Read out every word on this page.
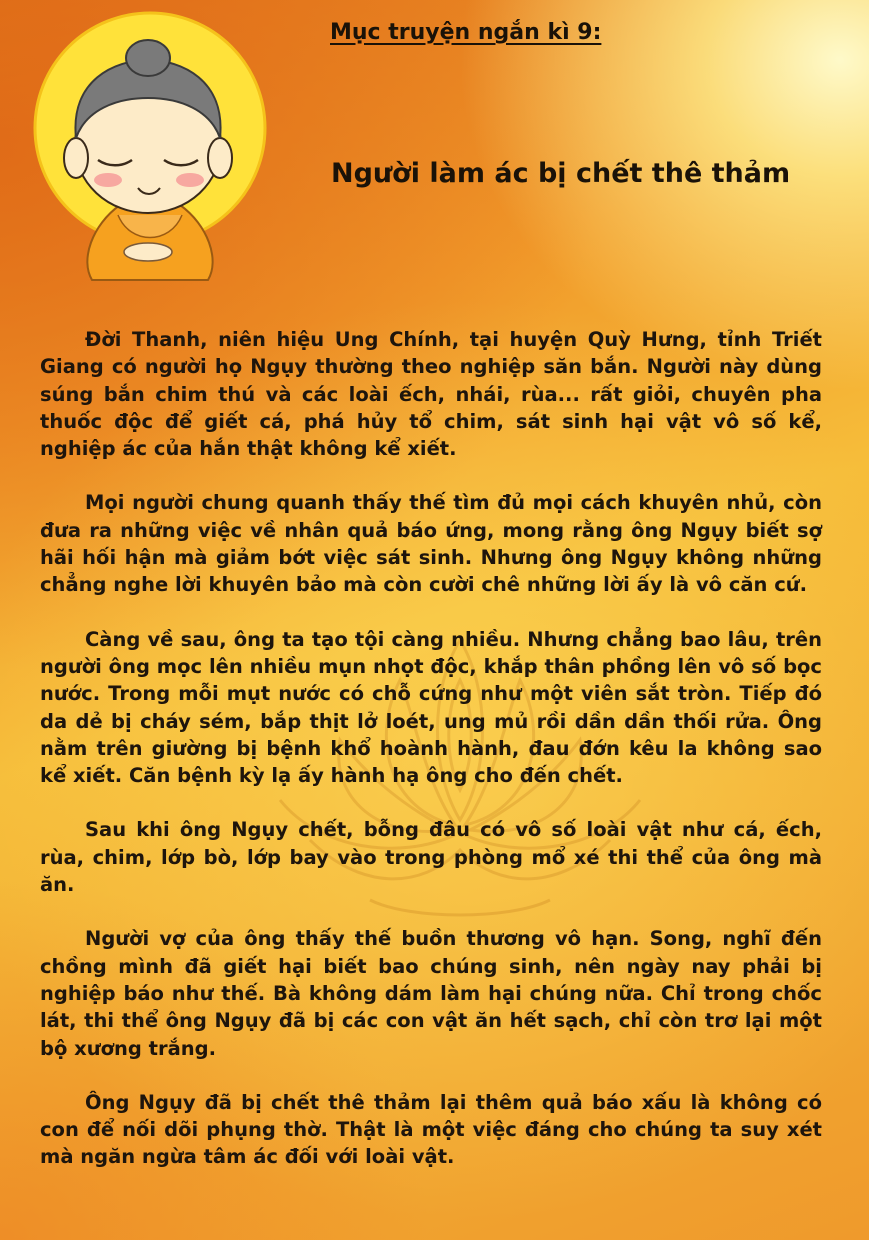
Mục truyện ngắn kì 9:
Người làm ác bị chết thê thảm

Đời Thanh, niên hiệu Ung Chính, tại huyện Quỳ Hưng, tỉnh Triết Giang có người họ Ngụy thường theo nghiệp săn bắn. Người này dùng súng bắn chim thú và các loài ếch, nhái, rùa... rất giỏi, chuyên pha thuốc độc để giết cá, phá hủy tổ chim, sát sinh hại vật vô số kể, nghiệp ác của hắn thật không kể xiết.

Mọi người chung quanh thấy thế tìm đủ mọi cách khuyên nhủ, còn đưa ra những việc về nhân quả báo ứng, mong rằng ông Ngụy biết sợ hãi hối hận mà giảm bớt việc sát sinh. Nhưng ông Ngụy không những chẳng nghe lời khuyên bảo mà còn cười chê những lời ấy là vô căn cứ.

Càng về sau, ông ta tạo tội càng nhiều. Nhưng chẳng bao lâu, trên người ông mọc lên nhiều mụn nhọt độc, khắp thân phồng lên vô số bọc nước. Trong mỗi mụt nước có chỗ cứng như một viên sắt tròn. Tiếp đó da dẻ bị cháy sém, bắp thịt lở loét, ung mủ rồi dần dần thối rửa. Ông nằm trên giường bị bệnh khổ hoành hành, đau đớn kêu la không sao kể xiết. Căn bệnh kỳ lạ ấy hành hạ ông cho đến chết.

Sau khi ông Ngụy chết, bỗng đâu có vô số loài vật như cá, ếch, rùa, chim, lớp bò, lớp bay vào trong phòng mổ xé thi thể của ông mà ăn.

Người vợ của ông thấy thế buồn thương vô hạn. Song, nghĩ đến chồng mình đã giết hại biết bao chúng sinh, nên ngày nay phải bị nghiệp báo như thế. Bà không dám làm hại chúng nữa. Chỉ trong chốc lát, thi thể ông Ngụy đã bị các con vật ăn hết sạch, chỉ còn trơ lại một bộ xương trắng.

Ông Ngụy đã bị chết thê thảm lại thêm quả báo xấu là không có con để nối dõi phụng thờ. Thật là một việc đáng cho chúng ta suy xét mà ngăn ngừa tâm ác đối với loài vật.
